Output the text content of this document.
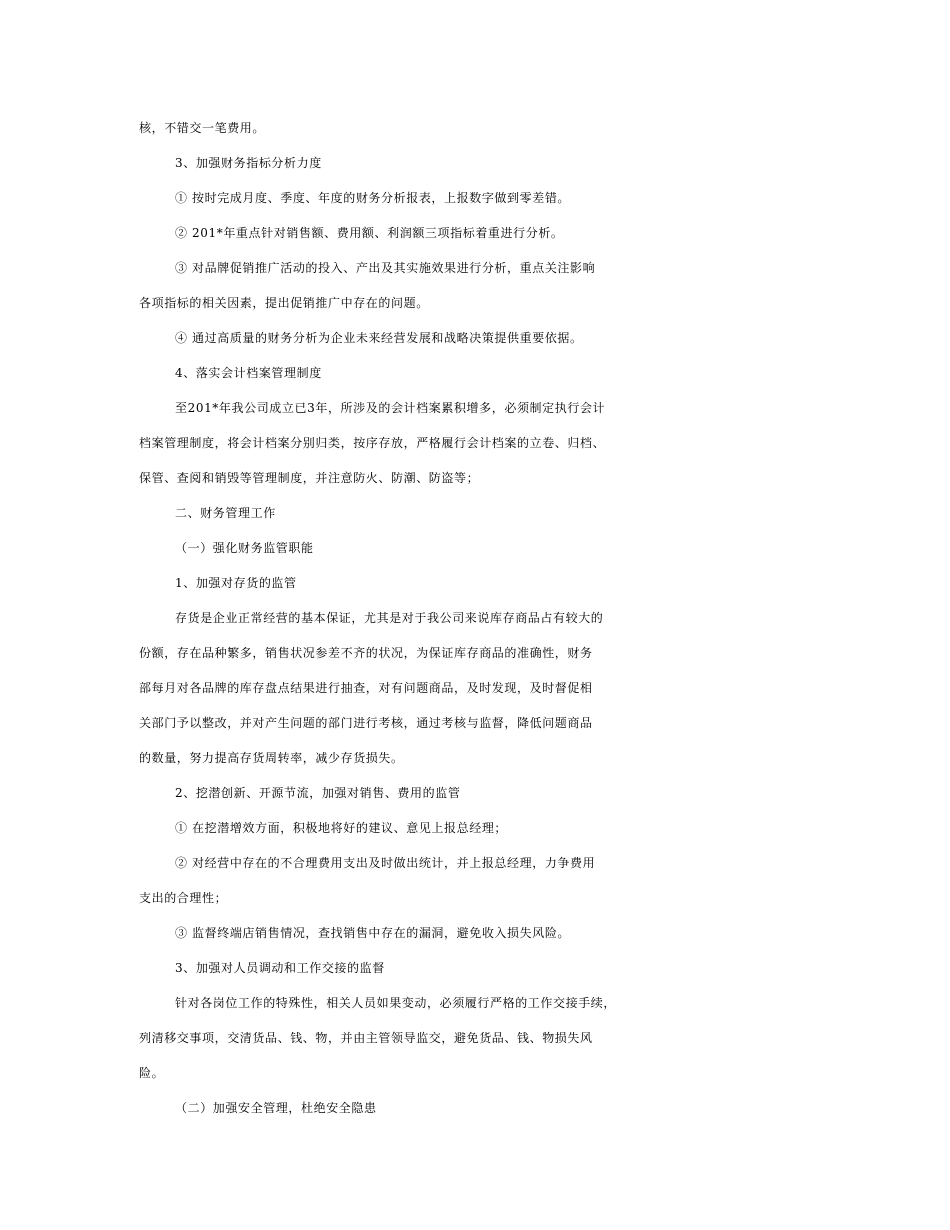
核，不错交一笔费用。
3、加强财务指标分析力度
① 按时完成月度、季度、年度的财务分析报表，上报数字做到零差错。
② 201*年重点针对销售额、费用额、利润额三项指标着重进行分析。
③ 对品牌促销推广活动的投入、产出及其实施效果进行分析，重点关注影响
各项指标的相关因素，提出促销推广中存在的问题。
④ 通过高质量的财务分析为企业未来经营发展和战略决策提供重要依据。
4、落实会计档案管理制度
至201*年我公司成立已3年，所涉及的会计档案累积增多，必须制定执行会计
档案管理制度，将会计档案分别归类，按序存放，严格履行会计档案的立卷、归档、
保管、查阅和销毁等管理制度，并注意防火、防潮、防盗等；
二、财务管理工作
（一）强化财务监管职能
1、加强对存货的监管
存货是企业正常经营的基本保证，尤其是对于我公司来说库存商品占有较大的
份额，存在品种繁多，销售状况参差不齐的状况，为保证库存商品的准确性，财务
部每月对各品牌的库存盘点结果进行抽查，对有问题商品，及时发现，及时督促相
关部门予以整改，并对产生问题的部门进行考核，通过考核与监督，降低问题商品
的数量，努力提高存货周转率，减少存货损失。
2、挖潜创新、开源节流，加强对销售、费用的监管
① 在挖潜增效方面，积极地将好的建议、意见上报总经理；
② 对经营中存在的不合理费用支出及时做出统计，并上报总经理，力争费用
支出的合理性；
③ 监督终端店销售情况，查找销售中存在的漏洞，避免收入损失风险。
3、加强对人员调动和工作交接的监督
针对各岗位工作的特殊性，相关人员如果变动，必须履行严格的工作交接手续，
列清移交事项，交清货品、钱、物，并由主管领导监交，避免货品、钱、物损失风
险。
（二）加强安全管理，杜绝安全隐患
